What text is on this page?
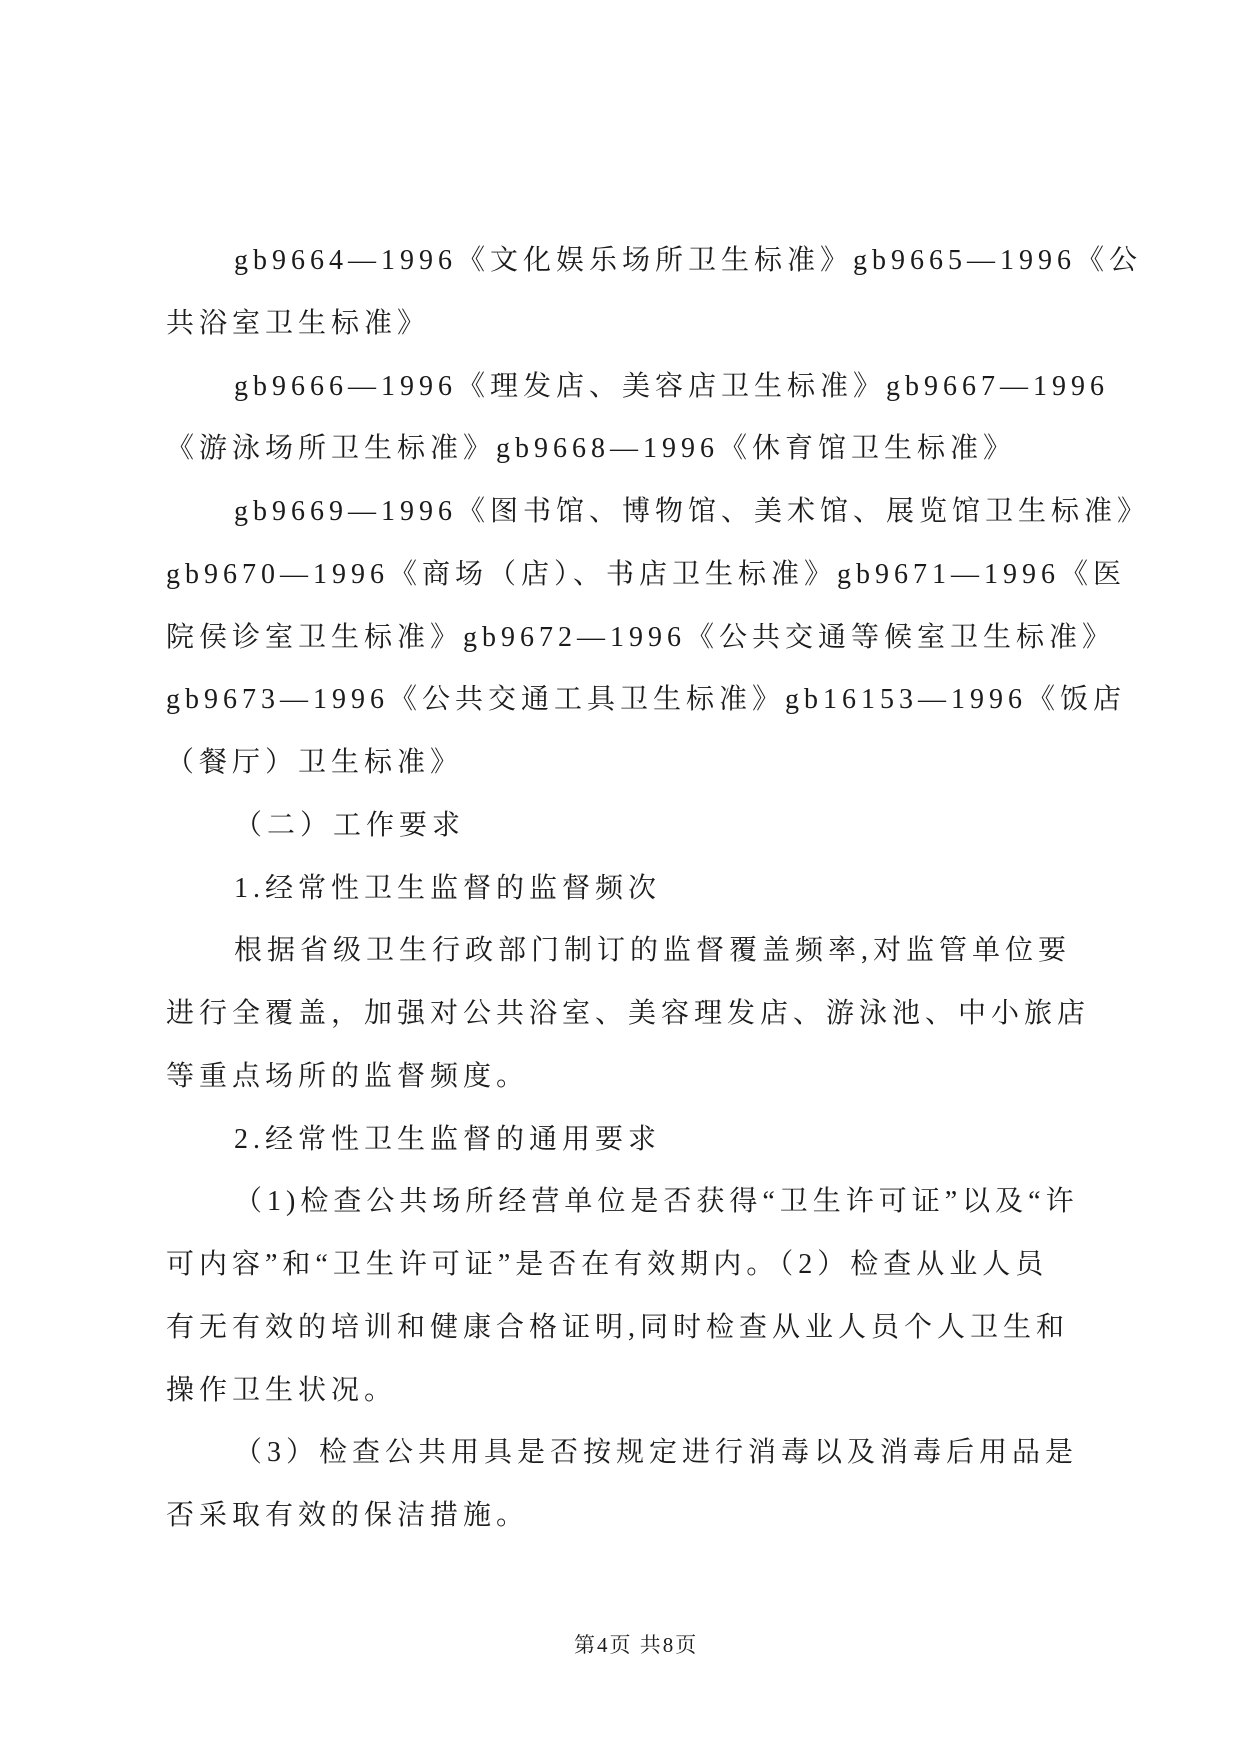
gb9664—1996《文化娱乐场所卫生标准》gb9665—1996《公
共浴室卫生标准》

gb9666—1996《理发店、美容店卫生标准》gb9667—1996
《游泳场所卫生标准》gb9668—1996《休育馆卫生标准》

gb9669—1996《图书馆、博物馆、美术馆、展览馆卫生标准》
gb9670—1996《商场（店）、书店卫生标准》gb9671—1996《医
院侯诊室卫生标准》gb9672—1996《公共交通等候室卫生标准》
gb9673—1996《公共交通工具卫生标准》gb16153—1996《饭店
（餐厅）卫生标准》

（二）工作要求

1.经常性卫生监督的监督频次

根据省级卫生行政部门制订的监督覆盖频率,对监管单位要
进行全覆盖，加强对公共浴室、美容理发店、游泳池、中小旅店
等重点场所的监督频度。

2.经常性卫生监督的通用要求

（1)检查公共场所经营单位是否获得“卫生许可证”以及“许
可内容”和“卫生许可证”是否在有效期内。（2）检查从业人员
有无有效的培训和健康合格证明,同时检查从业人员个人卫生和
操作卫生状况。

（3）检查公共用具是否按规定进行消毒以及消毒后用品是
否采取有效的保洁措施。

第4页 共8页
